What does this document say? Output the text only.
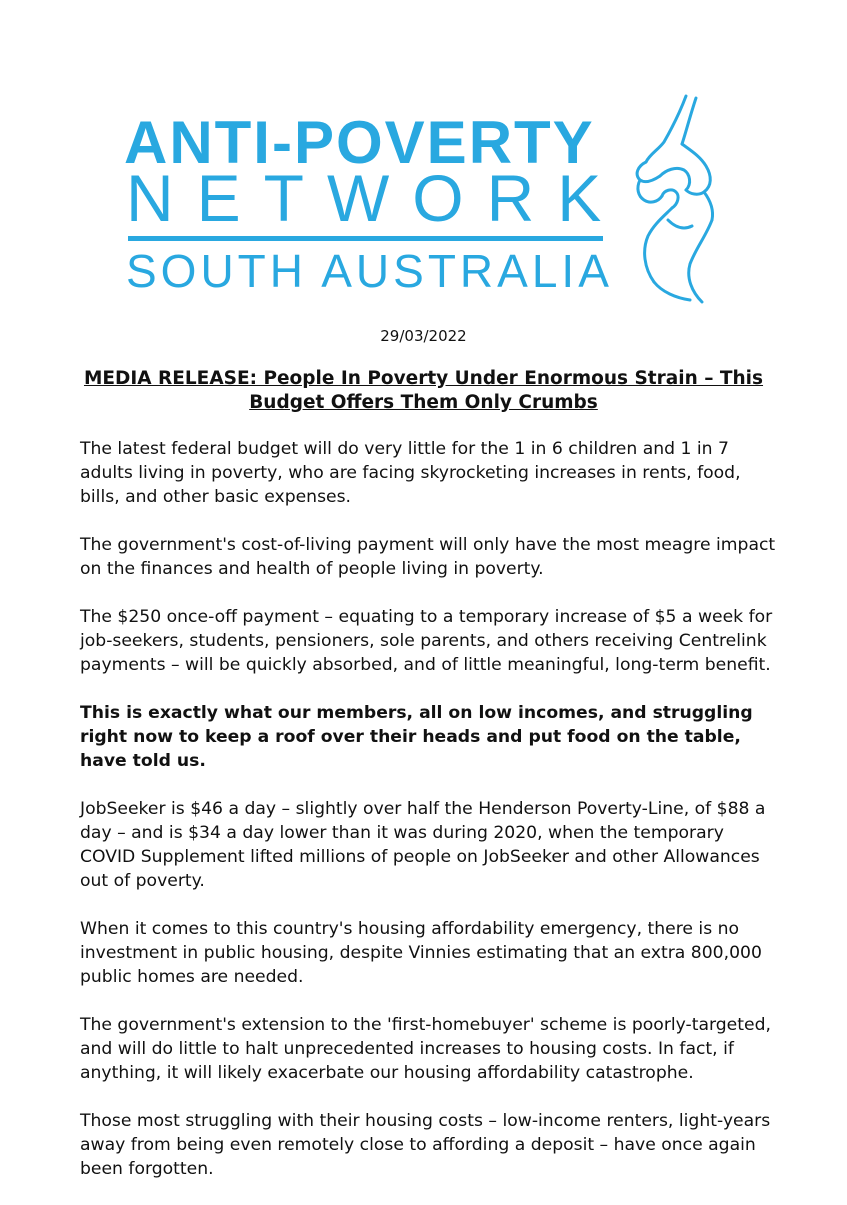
ANTI-POVERTY
NETWORK
SOUTH AUSTRALIA
29/03/2022
MEDIA RELEASE: People In Poverty Under Enormous Strain – This Budget Offers Them Only Crumbs

The latest federal budget will do very little for the 1 in 6 children and 1 in 7 adults living in poverty, who are facing skyrocketing increases in rents, food, bills, and other basic expenses.

The government's cost-of-living payment will only have the most meagre impact on the finances and health of people living in poverty.

The $250 once-off payment – equating to a temporary increase of $5 a week for job-seekers, students, pensioners, sole parents, and others receiving Centrelink payments – will be quickly absorbed, and of little meaningful, long-term benefit.

This is exactly what our members, all on low incomes, and struggling right now to keep a roof over their heads and put food on the table, have told us.

JobSeeker is $46 a day – slightly over half the Henderson Poverty-Line, of $88 a day – and is $34 a day lower than it was during 2020, when the temporary COVID Supplement lifted millions of people on JobSeeker and other Allowances out of poverty.

When it comes to this country's housing affordability emergency, there is no investment in public housing, despite Vinnies estimating that an extra 800,000 public homes are needed.

The government's extension to the 'first-homebuyer' scheme is poorly-targeted, and will do little to halt unprecedented increases to housing costs. In fact, if anything, it will likely exacerbate our housing affordability catastrophe.

Those most struggling with their housing costs – low-income renters, light-years away from being even remotely close to affording a deposit – have once again been forgotten.
